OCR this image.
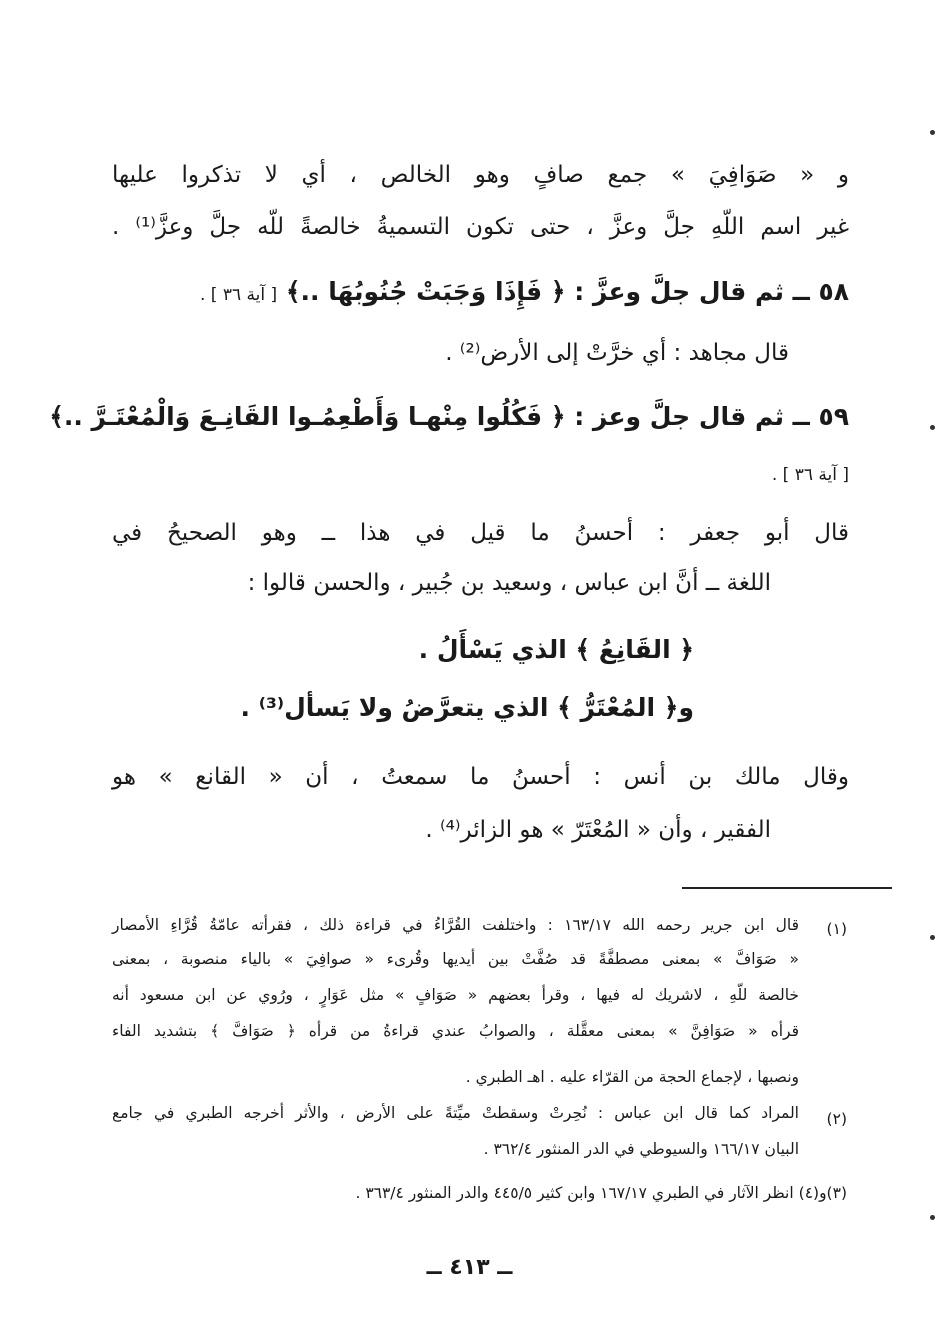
و « صَوَافِيَ » جمع صافٍ وهو الخالص ، أي لا تذكروا عليها
غير اسم اللّهِ جلَّ وعزَّ ، حتى تكون التسميةُ خالصةً للّه جلَّ وعزَّ⁽¹⁾ .
٥٨ ــ ثم قال جلَّ وعزَّ : ﴿ فَإِذَا وَجَبَتْ جُنُوبُهَا ..﴾ [ آية ٣٦ ] .
قال مجاهد : أي خرَّتْ إلى الأرض⁽²⁾ .
٥٩ ــ ثم قال جلَّ وعز : ﴿ فَكُلُوا مِنْهـا وَأَطْعِمُـوا القَانِـعَ وَالْمُعْتَـرَّ ..﴾
[ آية ٣٦ ] .
قال أبو جعفر : أحسنُ ما قيل في هذا ــ وهو الصحيحُ في
اللغة ــ أنَّ ابن عباس ، وسعيد بن جُبير ، والحسن قالوا :
﴿ القَانِعُ ﴾ الذي يَسْأَلُ .
و﴿ المُعْتَرُّ ﴾ الذي يتعرَّضُ ولا يَسأل⁽³⁾ .
وقال مالك بن أنس : أحسنُ ما سمعتُ ، أن « القانع » هو
الفقير ، وأن « المُعْتَرّ » هو الزائر⁽⁴⁾ .
(١)
قال ابن جرير رحمه الله ١٦٣/١٧ : واختلفت القُرَّاءُ في قراءة ذلك ، فقرأته عامّةُ قُرَّاءِ الأمصار
« صَوَافَّ » بمعنى مصطفَّةً قد صُفَّتْ بين أيديها وقُرىء « صوافِيَ » بالياء منصوبة ، بمعنى
خالصة للّهِ ، لاشريك له فيها ، وقرأ بعضهم « صَوَافٍ » مثل عَوَارٍ ، ورُوي عن ابن مسعود أنه
قرأه « صَوَافِنَّ » بمعنى معقَّلة ، والصوابُ عندي قراءةُ من قرأه ﴿ صَوَافَّ ﴾ بتشديد الفاء
ونصبها ، لإجماع الحجة من القرّاء عليه . اهـ الطبري .
(٢)
المراد كما قال ابن عباس : نُحِرتْ وسقطتْ ميِّتةً على الأرض ، والأثر أخرجه الطبري في جامع
البيان ١٦٦/١٧ والسيوطي في الدر المنثور ٣٦٢/٤ .
(٣)و(٤) انظر الآثار في الطبري ١٦٧/١٧ وابن كثير ٤٤٥/٥ والدر المنثور ٣٦٣/٤ .
ــ ٤١٣ ــ
